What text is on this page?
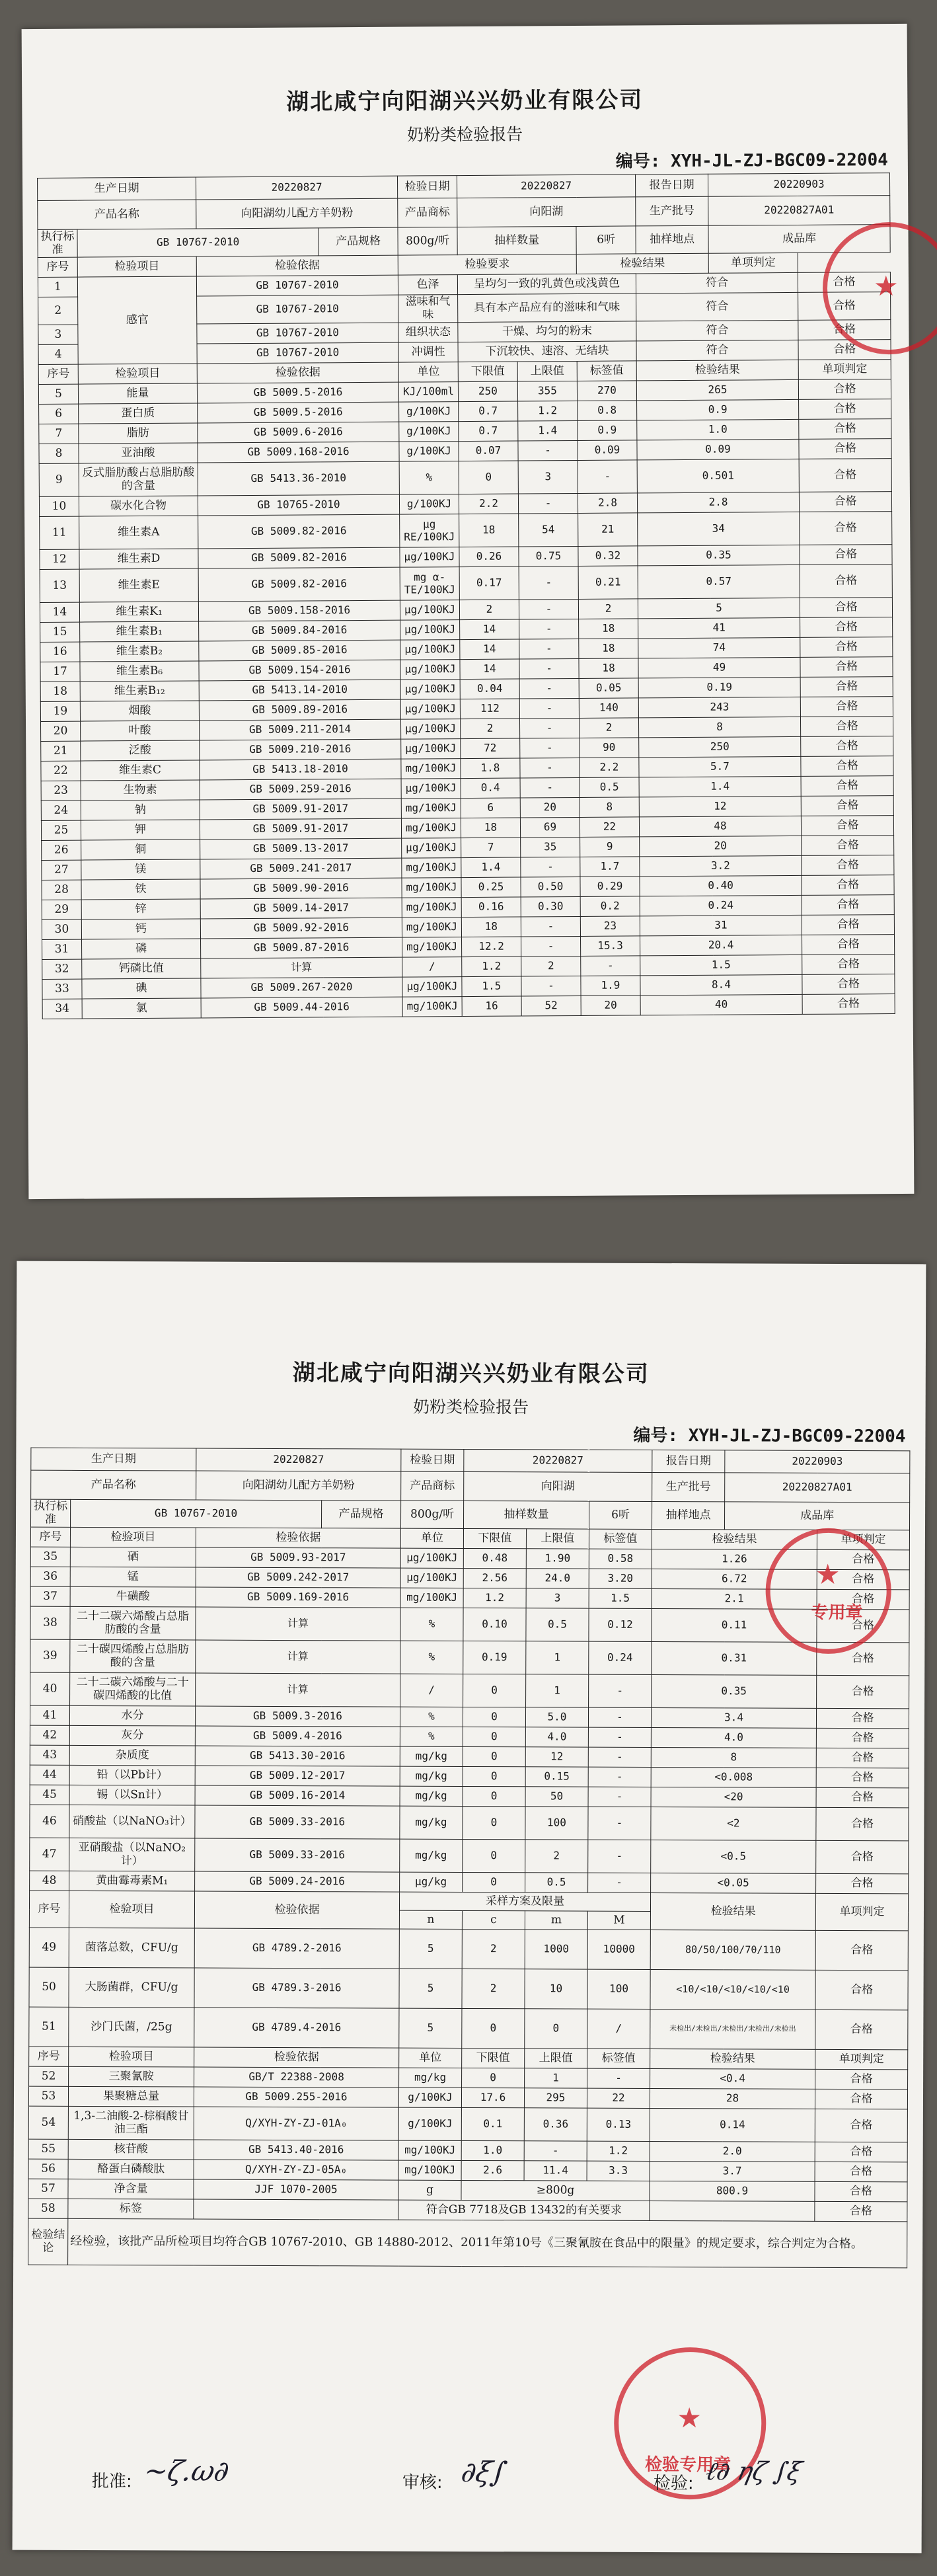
湖北咸宁向阳湖兴兴奶业有限公司
奶粉类检验报告
编号: XYH-JL-ZJ-BGC09-22004
生产日期		20220827		检验日期	20220827			报告日期	20220903	
产品名称		向阳湖幼儿配方羊奶粉		产品商标	向阳湖			生产批号	20220827A01	
执行标准	GB 10767-2010		产品规格	800g/听	抽样数量		6听	抽样地点	成品库	
序号	检验项目	检验依据		检验要求			检验结果		单项判定	
1	感官	GB 10767-2010		色泽	呈均匀一致的乳黄色或浅黄色			符合		合格
2		GB 10767-2010		滋味和气味	具有本产品应有的滋味和气味			符合		合格
3		GB 10767-2010		组织状态	干燥、均匀的粉末			符合		合格
4		GB 10767-2010		冲调性	下沉较快、速溶、无结块			符合		合格
序号	检验项目	检验依据		单位	下限值	上限值	标签值	检验结果		单项判定
5	能量	GB 5009.5-2016		KJ/100ml	250	355	270	265		合格
6	蛋白质	GB 5009.5-2016		g/100KJ	0.7	1.2	0.8	0.9		合格
7	脂肪	GB 5009.6-2016		g/100KJ	0.7	1.4	0.9	1.0		合格
8	亚油酸	GB 5009.168-2016		g/100KJ	0.07	-	0.09	0.09		合格
9	反式脂肪酸占总脂肪酸的含量	GB 5413.36-2010		%	0	3	-	0.501		合格
10	碳水化合物	GB 10765-2010		g/100KJ	2.2	-	2.8	2.8		合格
11	维生素A	GB 5009.82-2016		μg RE/100KJ	18	54	21	34		合格
12	维生素D	GB 5009.82-2016		μg/100KJ	0.26	0.75	0.32	0.35		合格
13	维生素E	GB 5009.82-2016		mg α-TE/100KJ	0.17	-	0.21	0.57		合格
14	维生素K₁	GB 5009.158-2016		μg/100KJ	2	-	2	5		合格
15	维生素B₁	GB 5009.84-2016		μg/100KJ	14	-	18	41		合格
16	维生素B₂	GB 5009.85-2016		μg/100KJ	14	-	18	74		合格
17	维生素B₆	GB 5009.154-2016		μg/100KJ	14	-	18	49		合格
18	维生素B₁₂	GB 5413.14-2010		μg/100KJ	0.04	-	0.05	0.19		合格
19	烟酸	GB 5009.89-2016		μg/100KJ	112	-	140	243		合格
20	叶酸	GB 5009.211-2014		μg/100KJ	2	-	2	8		合格
21	泛酸	GB 5009.210-2016		μg/100KJ	72	-	90	250		合格
22	维生素C	GB 5413.18-2010		mg/100KJ	1.8	-	2.2	5.7		合格
23	生物素	GB 5009.259-2016		μg/100KJ	0.4	-	0.5	1.4		合格
24	钠	GB 5009.91-2017		mg/100KJ	6	20	8	12		合格
25	钾	GB 5009.91-2017		mg/100KJ	18	69	22	48		合格
26	铜	GB 5009.13-2017		μg/100KJ	7	35	9	20		合格
27	镁	GB 5009.241-2017		mg/100KJ	1.4	-	1.7	3.2		合格
28	铁	GB 5009.90-2016		mg/100KJ	0.25	0.50	0.29	0.40		合格
29	锌	GB 5009.14-2017		mg/100KJ	0.16	0.30	0.2	0.24		合格
30	钙	GB 5009.92-2016		mg/100KJ	18	-	23	31		合格
31	磷	GB 5009.87-2016		mg/100KJ	12.2	-	15.3	20.4		合格
32	钙磷比值	计算		/	1.2	2	-	1.5		合格
33	碘	GB 5009.267-2020		μg/100KJ	1.5	-	1.9	8.4		合格
34	氯	GB 5009.44-2016		mg/100KJ	16	52	20	40		合格
★
湖北咸宁向阳湖兴兴奶业有限公司
奶粉类检验报告
编号: XYH-JL-ZJ-BGC09-22004
生产日期		20220827		检验日期	20220827			报告日期	20220903	
产品名称		向阳湖幼儿配方羊奶粉		产品商标	向阳湖			生产批号	20220827A01	
执行标准	GB 10767-2010		产品规格	800g/听	抽样数量		6听	抽样地点	成品库	
序号	检验项目	检验依据		单位	下限值	上限值	标签值	检验结果		单项判定
35	硒	GB 5009.93-2017		μg/100KJ	0.48	1.90	0.58	1.26		合格
36	锰	GB 5009.242-2017		μg/100KJ	2.56	24.0	3.20	6.72		合格
37	牛磺酸	GB 5009.169-2016		mg/100KJ	1.2	3	1.5	2.1		合格
38	二十二碳六烯酸占总脂肪酸的含量	计算		%	0.10	0.5	0.12	0.11		合格
39	二十碳四烯酸占总脂肪酸的含量	计算		%	0.19	1	0.24	0.31		合格
40	二十二碳六烯酸与二十碳四烯酸的比值	计算		/	0	1	-	0.35		合格
41	水分	GB 5009.3-2016		%	0	5.0	-	3.4		合格
42	灰分	GB 5009.4-2016		%	0	4.0	-	4.0		合格
43	杂质度	GB 5413.30-2016		mg/kg	0	12	-	8		合格
44	铅（以Pb计）	GB 5009.12-2017		mg/kg	0	0.15	-	<0.008		合格
45	锡（以Sn计）	GB 5009.16-2014		mg/kg	0	50	-	<20		合格
46	硝酸盐（以NaNO₃计）	GB 5009.33-2016		mg/kg	0	100	-	<2		合格
47	亚硝酸盐（以NaNO₂计）	GB 5009.33-2016		mg/kg	0	2	-	<0.5		合格
48	黄曲霉毒素M₁	GB 5009.24-2016		μg/kg	0	0.5	-	<0.05		合格
序号	检验项目	检验依据		采样方案及限量				检验结果		单项判定
				n	c	m	M			
49	菌落总数，CFU/g	GB 4789.2-2016		5	2	1000	10000	80/50/100/70/110		合格
50	大肠菌群，CFU/g	GB 4789.3-2016		5	2	10	100	<10/<10/<10/<10/<10		合格
51	沙门氏菌，/25g	GB 4789.4-2016		5	0	0	/	未检出/未检出/未检出/未检出/未检出		合格
序号	检验项目	检验依据		单位	下限值	上限值	标签值	检验结果		单项判定
52	三聚氰胺	GB/T 22388-2008		mg/kg	0	1	-	<0.4		合格
53	果聚糖总量	GB 5009.255-2016		g/100KJ	17.6	295	22	28		合格
54	1,3-二油酸-2-棕榈酸甘油三酯	Q/XYH-ZY-ZJ-01A₀		g/100KJ	0.1	0.36	0.13	0.14		合格
55	核苷酸	GB 5413.40-2016		mg/100KJ	1.0	-	1.2	2.0		合格
56	酪蛋白磷酸肽	Q/XYH-ZY-ZJ-05A₀		mg/100KJ	2.6	11.4	3.3	3.7		合格
57	净含量	JJF 1070-2005		g	≥800g			800.9		合格
58	标签			符合GB 7718及GB 13432的有关要求						合格
检验结论	经检验，该批产品所检项目均符合GB 10767-2010、GB 14880-2012、2011年第10号《三聚氰胺在食品中的限量》的规定要求，综合判定为合格。									
★
专用章
★
检验专用章
批准: ~ζ.ω∂	审核: ∂ξ∫	检验: ℓ∂ ηζ ∫ξ
